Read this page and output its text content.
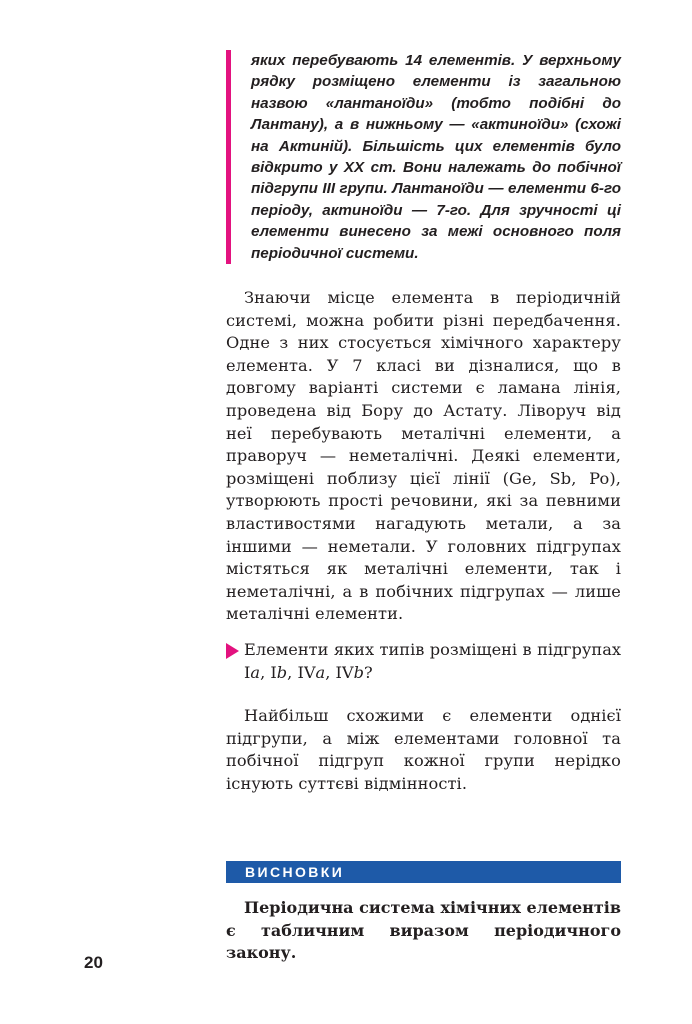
яких перебувають 14 елементів. У верхньому рядку розміщено елементи із загальною назвою «лантаноїди» (тобто подібні до Лантану), а в нижньому — «актиноїди» (схожі на Актиній). Більшість цих елементів було відкрито у XX ст. Вони належать до побічної підгрупи III групи. Лантаноїди — елементи 6-го періоду, актиноїди — 7-го. Для зручності ці елементи винесено за межі основного поля періодичної системи.

Знаючи місце елемента в періодичній системі, можна робити різні передбачення. Одне з них стосується хімічного характеру елемента. У 7 класі ви дізналися, що в довгому варіанті системи є ламана лінія, проведена від Бору до Астату. Ліворуч від неї перебувають металічні елементи, а праворуч — неметалічні. Деякі елементи, розміщені поблизу цієї лінії (Ge, Sb, Po), утворюють прості речовини, які за певними властивостями нагадують метали, а за іншими — неметали. У головних підгрупах містяться як металічні елементи, так і неметалічні, а в побічних підгрупах — лише металічні елементи.

Елементи яких типів розміщені в підгрупах Ia, Ib, IVa, IVb?

Найбільш схожими є елементи однієї підгрупи, а між елементами головної та побічної підгруп кожної групи нерідко існують суттєві відмінності.

ВИСНОВКИ

Періодична система хімічних елементів є табличним виразом періодичного закону.

20
